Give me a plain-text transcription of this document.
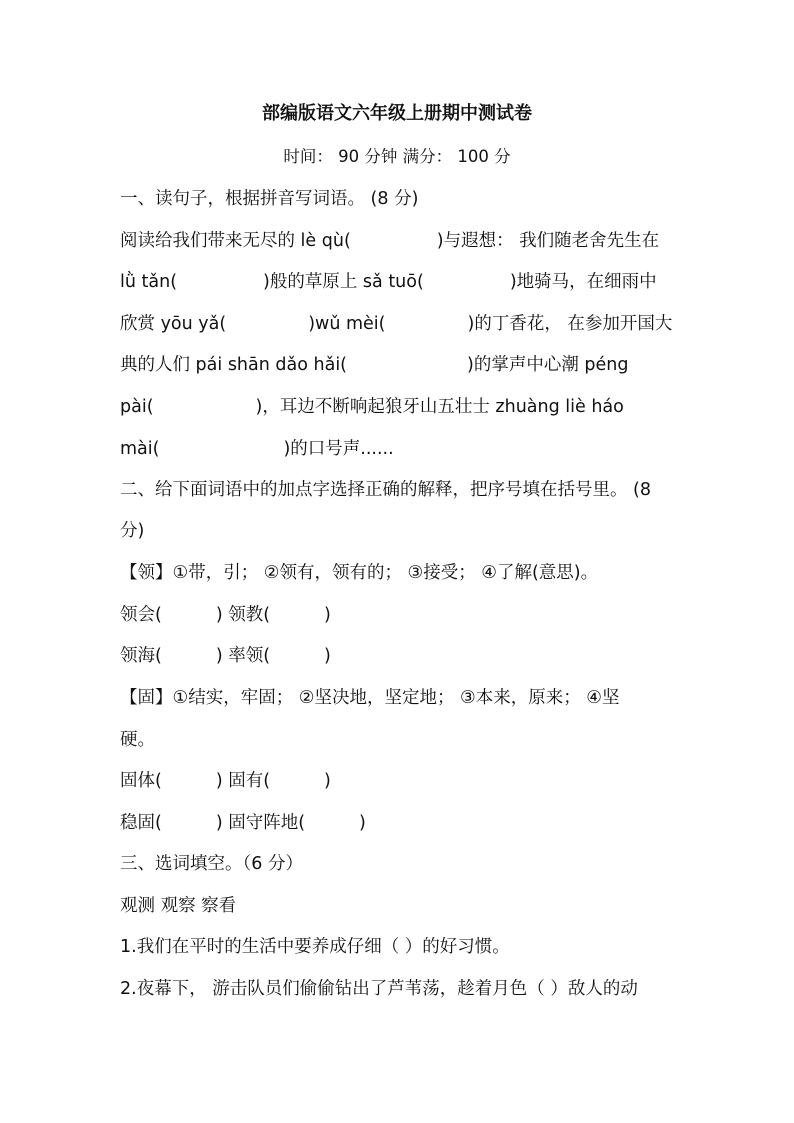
部编版语文六年级上册期中测试卷
时间： 90 分钟 满分： 100 分
一、读句子，根据拼音写词语。 (8 分)
阅读给我们带来无尽的 lè qù(	)与遐想： 我们随老舍先生在
lǜ tǎn(	)般的草原上 sǎ tuō(	)地骑马，在细雨中
欣赏 yōu yǎ(	)wǔ mèi(	)的丁香花， 在参加开国大
典的人们 pái shān dǎo hǎi(	)的掌声中心潮 péng
pài(	)，耳边不断响起狼牙山五壮士 zhuàng liè háo
mài(	)的口号声......
二、给下面词语中的加点字选择正确的解释，把序号填在括号里。 (8
分)
【领】①带，引； ②领有，领有的； ③接受； ④了解(意思)。
领会(	) 领教(	)
领海(	) 率领(	)
【固】①结实，牢固； ②坚决地，坚定地； ③本来，原来； ④坚
硬。
固体(	) 固有(	)
稳固(	) 固守阵地(	)
三、选词填空。（6 分）
观测 观察 察看
1.我们在平时的生活中要养成仔细（ ）的好习惯。
2.夜幕下， 游击队员们偷偷钻出了芦苇荡，趁着月色（ ）敌人的动
